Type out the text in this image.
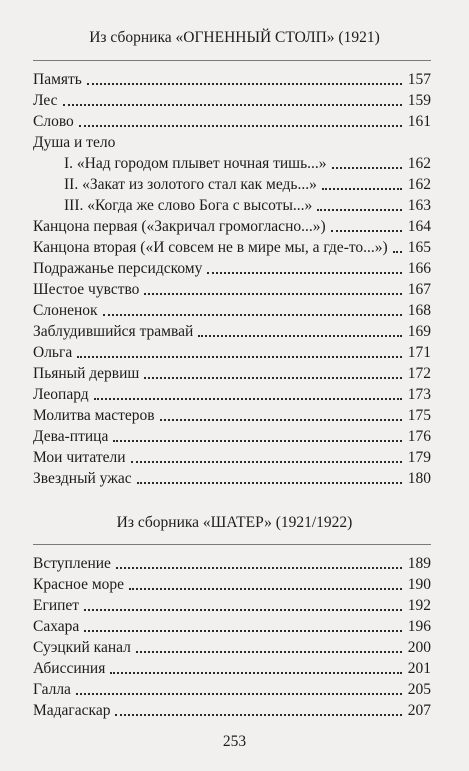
Из сборника «ОГНЕННЫЙ СТОЛП» (1921)
Память	157
Лес	159
Слово	161
Душа и тело
I. «Над городом плывет ночная тишь...»	162
II. «Закат из золотого стал как медь...»	162
III. «Когда же слово Бога с высоты...»	163
Канцона первая («Закричал громогласно...»)	164
Канцона вторая («И совсем не в мире мы, а где-то...») 165
Подражанье персидскому	166
Шестое чувство	167
Слоненок	168
Заблудившийся трамвай	169
Ольга	171
Пьяный дервиш	172
Леопард	173
Молитва мастеров	175
Дева-птица	176
Мои читатели	179
Звездный ужас	180
Из сборника «ШАТЕР» (1921/1922)
Вступление	189
Красное море	190
Египет	192
Сахара	196
Суэцкий канал	200
Абиссиния	201
Галла	205
Мадагаскар	207
253
